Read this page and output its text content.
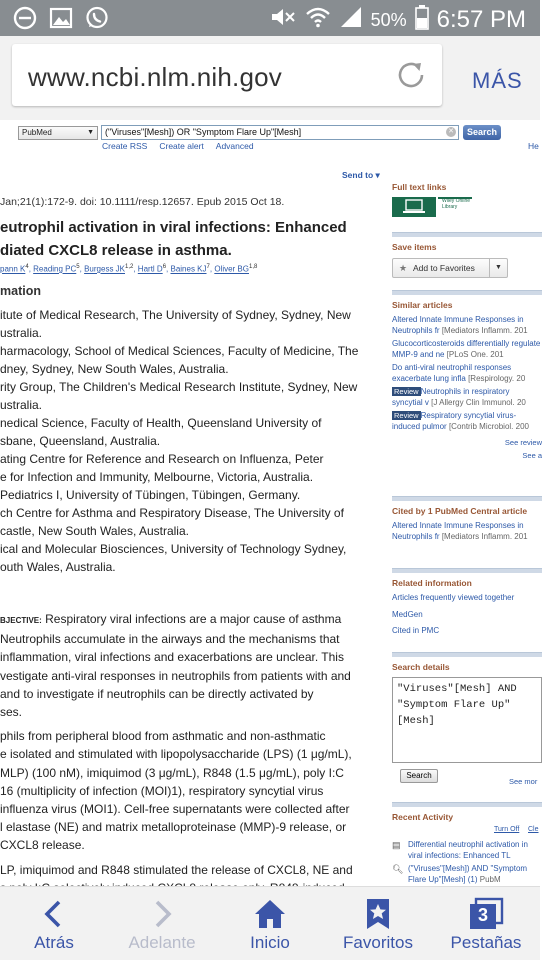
50% 6:57 PM
www.ncbi.nlm.nih.gov	MÁS
PubMed	▼	("Viruses"[Mesh]) OR "Symptom Flare Up"[Mesh]	✕	Search
Create RSS Create alert Advanced	He
Send to ▾
Jan;21(1):172-9. doi: 10.1111/resp.12657. Epub 2015 Oct 18.
eutrophil activation in viral infections: Enhanced
diated CXCL8 release in asthma.
pann $K^4$, Reading $PC^5$, Burgess JK$^{1,2}$, Hartl $D^6$, Baines $KJ^7$, Oliver BG$^{1,8}$
mation
itute of Medical Research, The University of Sydney, Sydney, New
ustralia.
harmacology, School of Medical Sciences, Faculty of Medicine, The
dney, Sydney, New South Wales, Australia.
rity Group, The Children's Medical Research Institute, Sydney, New
ustralia.
nedical Science, Faculty of Health, Queensland University of
sbane, Queensland, Australia.
ating Centre for Reference and Research on Influenza, Peter
e for Infection and Immunity, Melbourne, Victoria, Australia.
Pediatrics I, University of Tübingen, Tübingen, Germany.
ch Centre for Asthma and Respiratory Disease, The University of
castle, New South Wales, Australia.
ical and Molecular Biosciences, University of Technology Sydney,
outh Wales, Australia.

BJECTIVE: Respiratory viral infections are a major cause of asthma
Neutrophils accumulate in the airways and the mechanisms that
inflammation, viral infections and exacerbations are unclear. This
vestigate anti-viral responses in neutrophils from patients with and
and to investigate if neutrophils can be directly activated by
ses.

phils from peripheral blood from asthmatic and non-asthmatic
e isolated and stimulated with lipopolysaccharide (LPS) (1 μg/mL),
MLP) (100 nM), imiquimod (3 μg/mL), R848 (1.5 μg/mL), poly I:C
16 (multiplicity of infection (MOI)1), respiratory syncytial virus
influenza virus (MOI1). Cell-free supernatants were collected after
l elastase (NE) and matrix metalloproteinase (MMP)-9 release, or
CXCL8 release.

LP, imiquimod and R848 stimulated the release of CXCL8, NE and

Full text links
Wiley Online Library
Save items
★ Add to Favorites	▼
Similar articles
Altered Innate Immune Responses in Neutrophils fr [Mediators Inflamm. 201
Glucocorticosteroids differentially regulate MMP-9 and ne [PLoS One. 201
Do anti-viral neutrophil responses exacerbate lung infla [Respirology. 20
Review Neutrophils in respiratory syncytial v [J Allergy Clin Immunol. 20
Review Respiratory syncytial virus-induced pulmor [Contrib Microbiol. 200
See review
See a
Cited by 1 PubMed Central article
Altered Innate Immune Responses in Neutrophils fr [Mediators Inflamm. 201
Related information
Articles frequently viewed together
MedGen
Cited in PMC
Search details
"Viruses"[Mesh] AND
"Symptom Flare Up"
[Mesh]
Search
See mor
Recent Activity
Turn Off Cle
▤ Differential neutrophil activation in viral infections: Enhanced TL
🔍︎ ("Viruses"[Mesh]) AND "Symptom Flare Up"[Mesh] (1) PubM
Atrás	Adelante	Inicio	Favoritos
3
Pestañas
